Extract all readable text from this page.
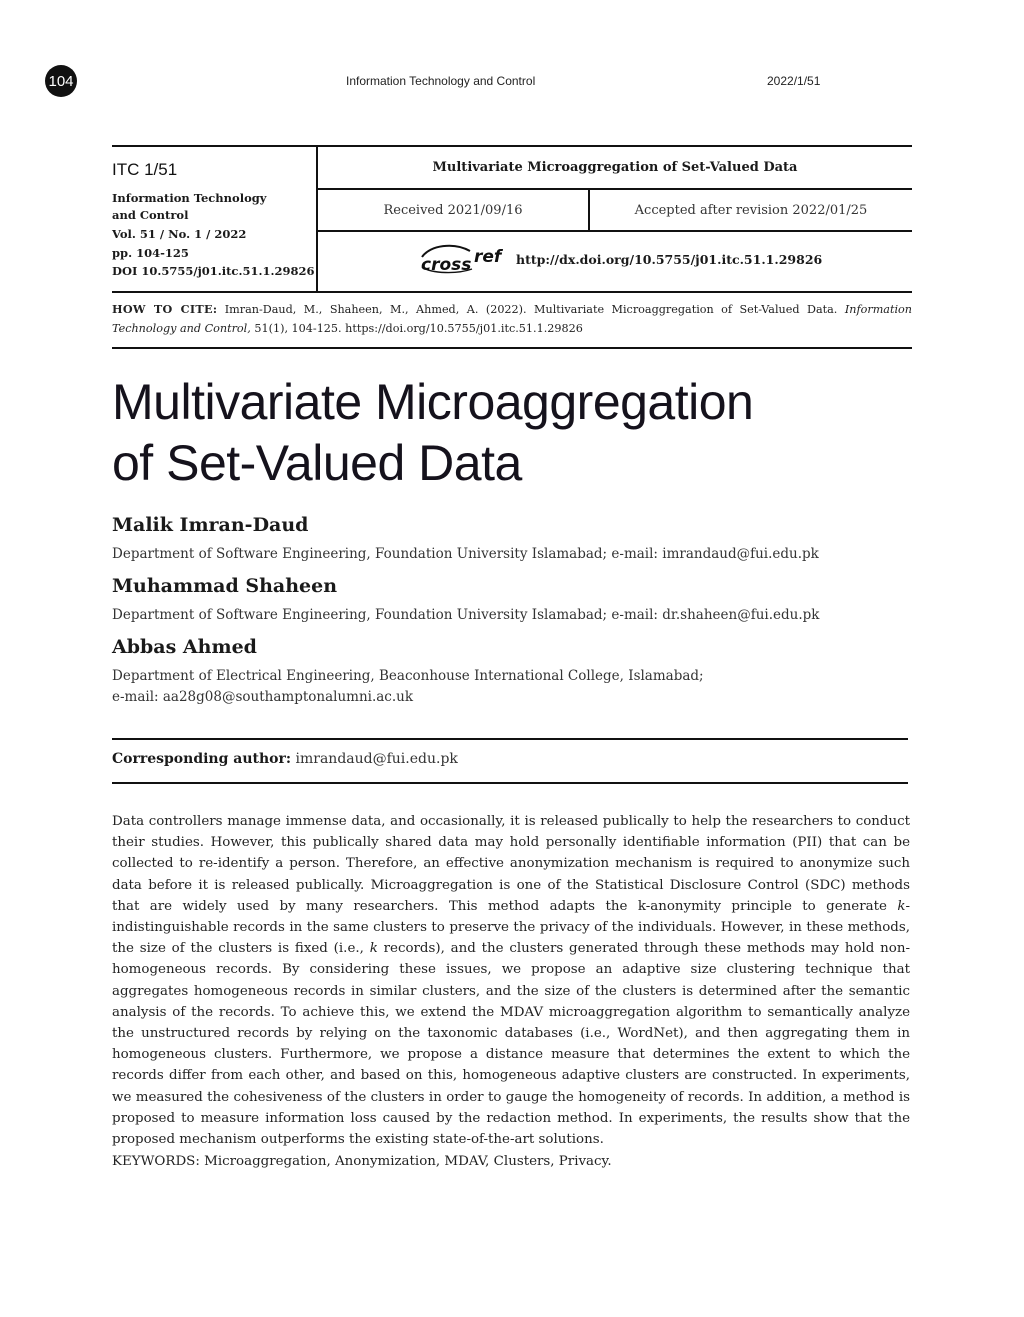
104	Information Technology and Control	2022/1/51
ITC 1/51
Information Technology
and Control
Vol. 51 / No. 1 / 2022
pp. 104-125
DOI 10.5755/j01.itc.51.1.29826
Multivariate Microaggregation of Set-Valued Data
Received 2021/09/16	Accepted after revision 2022/01/25
cross ref http://dx.doi.org/10.5755/j01.itc.51.1.29826
HOW TO CITE: Imran-Daud, M., Shaheen, M., Ahmed, A. (2022). Multivariate Microaggregation of Set-Valued Data. Information Technology and Control, 51(1), 104-125. https://doi.org/10.5755/j01.itc.51.1.29826
Multivariate Microaggregation
of Set-Valued Data
Malik Imran-Daud
Department of Software Engineering, Foundation University Islamabad; e-mail: imrandaud@fui.edu.pk
Muhammad Shaheen
Department of Software Engineering, Foundation University Islamabad; e-mail: dr.shaheen@fui.edu.pk
Abbas Ahmed
Department of Electrical Engineering, Beaconhouse International College, Islamabad;
e-mail: aa28g08@southamptonalumni.ac.uk
Corresponding author: imrandaud@fui.edu.pk

Data controllers manage immense data, and occasionally, it is released publically to help the researchers to conduct their studies. However, this publically shared data may hold personally identifiable information (PII) that can be collected to re-identify a person. Therefore, an effective anonymization mechanism is required to anonymize such data before it is released publically. Microaggregation is one of the Statistical Disclosure Control (SDC) methods that are widely used by many researchers. This method adapts the k-anonymity principle to generate k-indistinguishable records in the same clusters to preserve the privacy of the individuals. However, in these methods, the size of the clusters is fixed (i.e., k records), and the clusters generated through these methods may hold non-homogeneous records. By considering these issues, we propose an adaptive size clustering technique that aggregates homogeneous records in similar clusters, and the size of the clusters is determined after the semantic analysis of the records. To achieve this, we extend the MDAV microaggregation algorithm to semantically analyze the unstructured records by relying on the taxonomic databases (i.e., WordNet), and then aggregating them in homogeneous clusters. Furthermore, we propose a distance measure that determines the extent to which the records differ from each other, and based on this, homogeneous adaptive clusters are constructed. In experiments, we measured the cohesiveness of the clusters in order to gauge the homogeneity of records. In addition, a method is proposed to measure information loss caused by the redaction method. In experiments, the results show that the proposed mechanism outperforms the existing state-of-the-art solutions.

KEYWORDS: Microaggregation, Anonymization, MDAV, Clusters, Privacy.
